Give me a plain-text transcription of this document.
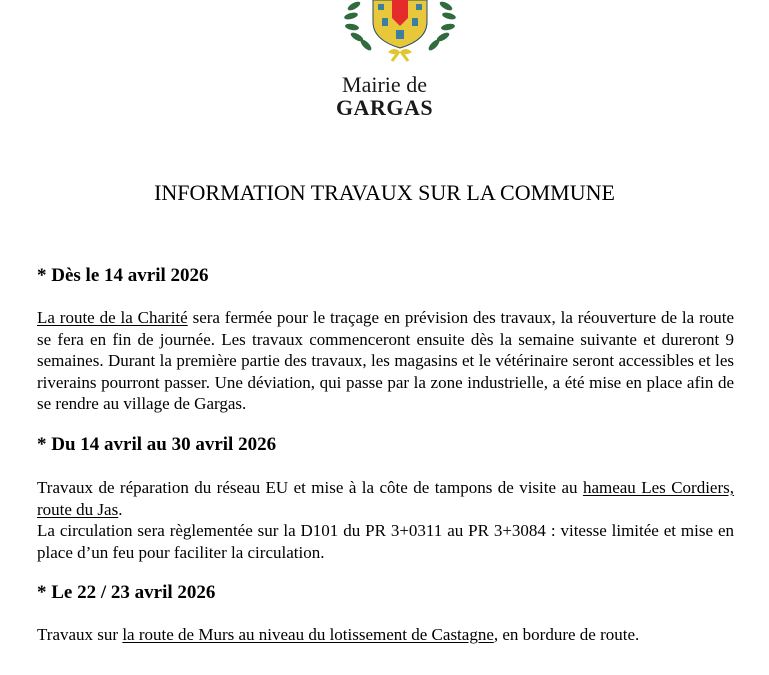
Mairie de
GARGAS
INFORMATION TRAVAUX SUR LA COMMUNE
* Dès le 14 avril 2026
La route de la Charité sera fermée pour le traçage en prévision des travaux, la réouverture de la route se fera en fin de journée. Les travaux commenceront ensuite dès la semaine suivante et dureront 9 semaines. Durant la première partie des travaux, les magasins et le vétérinaire seront accessibles et les riverains pourront passer. Une déviation, qui passe par la zone industrielle, a été mise en place afin de se rendre au village de Gargas.
* Du 14 avril au 30 avril 2026
Travaux de réparation du réseau EU et mise à la côte de tampons de visite au hameau Les Cordiers, route du Jas.
La circulation sera règlementée sur la D101 du PR 3+0311 au PR 3+3084 : vitesse limitée et mise en place d’un feu pour faciliter la circulation.
* Le 22 / 23 avril 2026
Travaux sur la route de Murs au niveau du lotissement de Castagne, en bordure de route.
